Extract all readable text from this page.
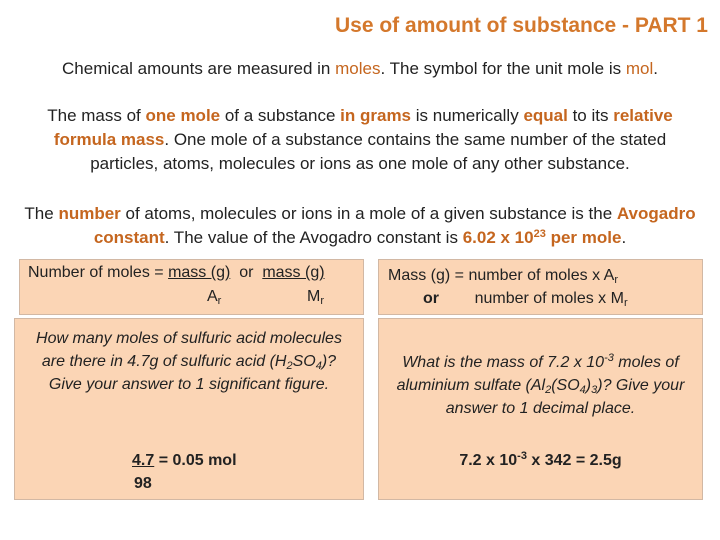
Use of amount of substance - PART 1
Chemical amounts are measured in moles. The symbol for the unit mole is mol.
The mass of one mole of a substance in grams is numerically equal to its relative formula mass. One mole of a substance contains the same number of the stated particles, atoms, molecules or ions as one mole of any other substance.
The number of atoms, molecules or ions in a mole of a given substance is the Avogadro constant. The value of the Avogadro constant is 6.02 x $10^{23}$ per mole.
Number of moles = mass (g) or mass (g)
$A_r$	$M_r$
Mass (g) = number of moles x $A_r$
or number of moles x $M_r$
How many moles of sulfuric acid molecules are there in 4.7g of sulfuric acid $(H_2SO_4)$? Give your answer to 1 significant figure.
4.7 = 0.05 mol
98
What is the mass of 7.2 x $10^{-3}$ moles of aluminium sulfate $(Al_2(SO_4)_3)$? Give your answer to 1 decimal place.
7.2 x $10^{-3}$ x 342 = 2.5g
